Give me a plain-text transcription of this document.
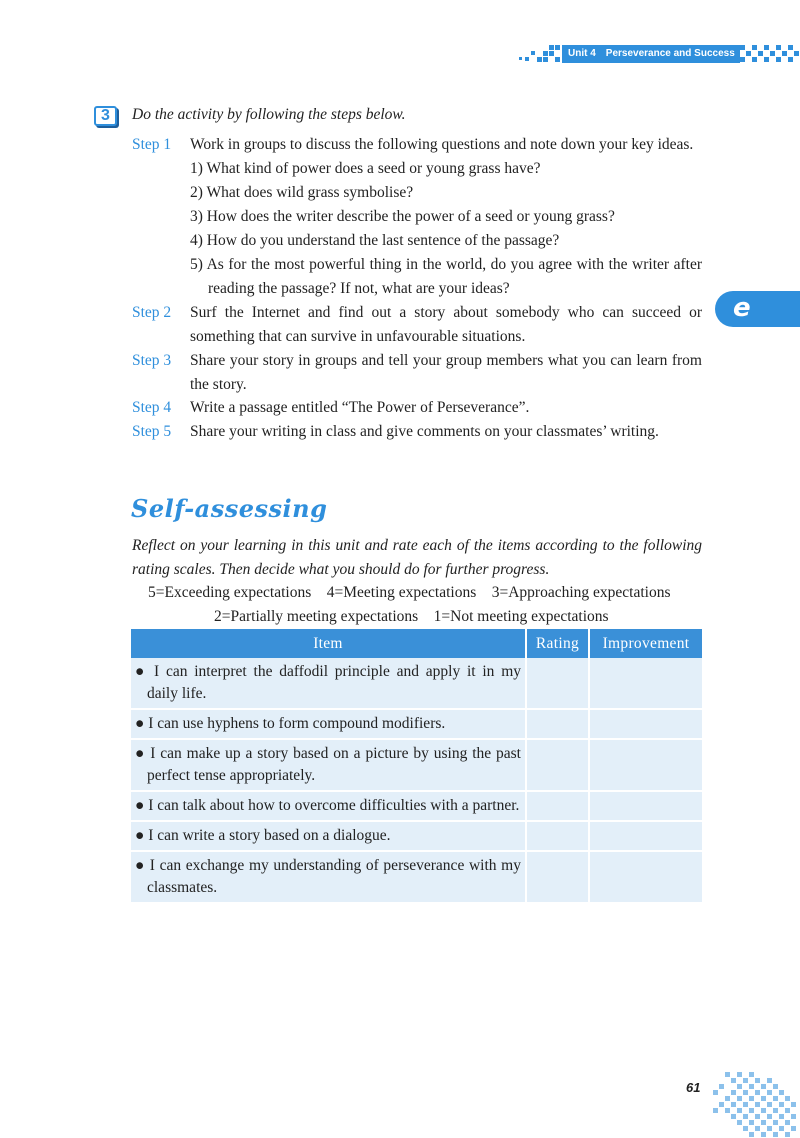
Unit 4 Perseverance and Success
3	Do the activity by following the steps below.
Step 1 Work in groups to discuss the following questions and note down your key ideas.
1) What kind of power does a seed or young grass have?
2) What does wild grass symbolise?
3) How does the writer describe the power of a seed or young grass?
4) How do you understand the last sentence of the passage?
5) As for the most powerful thing in the world, do you agree with the writer after reading the passage? If not, what are your ideas?
Step 2 Surf the Internet and find out a story about somebody who can succeed or something that can survive in unfavourable situations.
Step 3 Share your story in groups and tell your group members what you can learn from the story.
Step 4 Write a passage entitled “The Power of Perseverance”.
Step 5 Share your writing in class and give comments on your classmates’ writing.
e
Self-assessing
Reflect on your learning in this unit and rate each of the items according to the following rating scales. Then decide what you should do for further progress.
5=Exceeding expectations    4=Meeting expectations    3=Approaching expectations
2=Partially meeting expectations    1=Not meeting expectations
Item	Rating	Improvement

● I can interpret the daffodil principle and apply it in my daily life.		

● I can use hyphens to form compound modifiers.		

● I can make up a story based on a picture by using the past perfect tense appropriately.		

● I can talk about how to overcome difficulties with a partner.		

● I can write a story based on a dialogue.		

● I can exchange my understanding of perseverance with my classmates.		

61
